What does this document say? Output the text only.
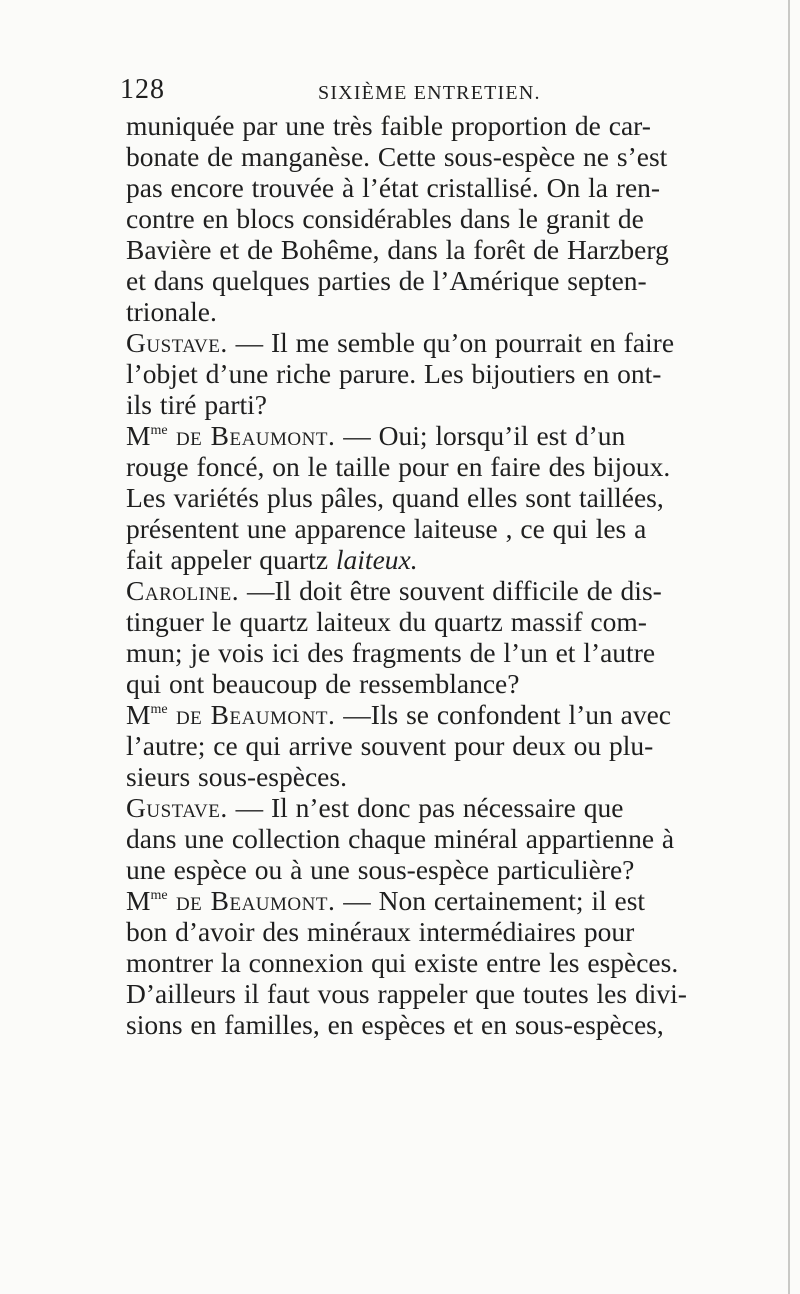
128	SIXIÈME ENTRETIEN.
muniquée par une très faible proportion de car-
bonate de manganèse. Cette sous-espèce ne s’est
pas encore trouvée à l’état cristallisé. On la ren-
contre en blocs considérables dans le granit de
Bavière et de Bohême, dans la forêt de Harzberg
et dans quelques parties de l’Amérique septen-
trionale.
Gustave. — Il me semble qu’on pourrait en faire
l’objet d’une riche parure. Les bijoutiers en ont-
ils tiré parti?
$M^{me}$ de Beaumont. — Oui; lorsqu’il est d’un
rouge foncé, on le taille pour en faire des bijoux.
Les variétés plus pâles, quand elles sont taillées,
présentent une apparence laiteuse , ce qui les a
fait appeler quartz laiteux.
Caroline. —Il doit être souvent difficile de dis-
tinguer le quartz laiteux du quartz massif com-
mun; je vois ici des fragments de l’un et l’autre
qui ont beaucoup de ressemblance?
$M^{me}$ de Beaumont. —Ils se confondent l’un avec
l’autre; ce qui arrive souvent pour deux ou plu-
sieurs sous-espèces.
Gustave. — Il n’est donc pas nécessaire que
dans une collection chaque minéral appartienne à
une espèce ou à une sous-espèce particulière?
$M^{me}$ de Beaumont. — Non certainement; il est
bon d’avoir des minéraux intermédiaires pour
montrer la connexion qui existe entre les espèces.
D’ailleurs il faut vous rappeler que toutes les divi-
sions en familles, en espèces et en sous-espèces,
